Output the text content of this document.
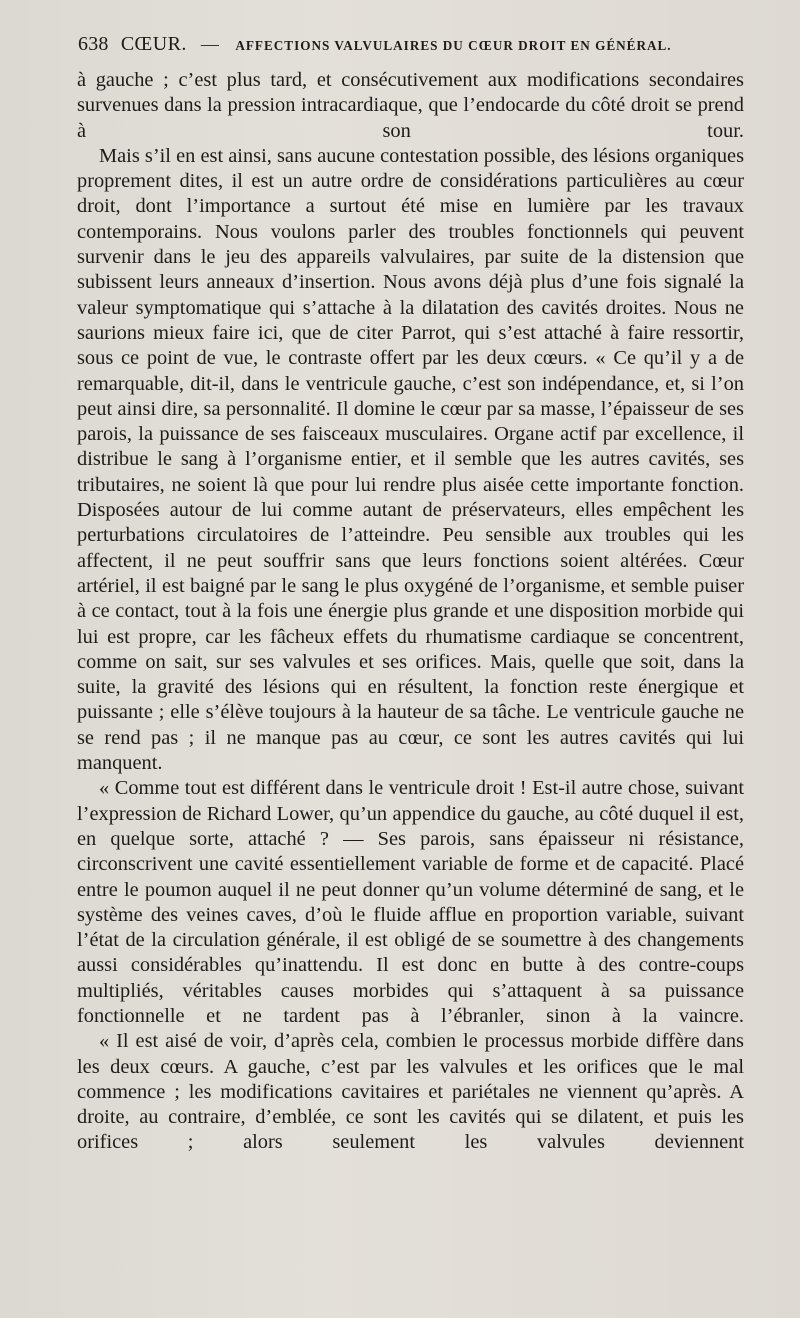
638 CŒUR. — AFFECTIONS VALVULAIRES DU CŒUR DROIT EN GÉNÉRAL.

à gauche ; c’est plus tard, et consécutivement aux modifications secondaires survenues dans la pression intracardiaque, que l’endocarde du côté droit se prend à son tour.

Mais s’il en est ainsi, sans aucune contestation possible, des lésions organiques proprement dites, il est un autre ordre de considérations particulières au cœur droit, dont l’importance a surtout été mise en lumière par les travaux contemporains. Nous voulons parler des troubles fonctionnels qui peuvent survenir dans le jeu des appareils valvulaires, par suite de la distension que subissent leurs anneaux d’insertion. Nous avons déjà plus d’une fois signalé la valeur symptomatique qui s’attache à la dilatation des cavités droites. Nous ne saurions mieux faire ici, que de citer Parrot, qui s’est attaché à faire ressortir, sous ce point de vue, le contraste offert par les deux cœurs. « Ce qu’il y a de remarquable, dit-il, dans le ventricule gauche, c’est son indépendance, et, si l’on peut ainsi dire, sa personnalité. Il domine le cœur par sa masse, l’épaisseur de ses parois, la puissance de ses faisceaux musculaires. Organe actif par excellence, il distribue le sang à l’organisme entier, et il semble que les autres cavités, ses tributaires, ne soient là que pour lui rendre plus aisée cette importante fonction. Disposées autour de lui comme autant de préservateurs, elles empêchent les perturbations circulatoires de l’atteindre. Peu sensible aux troubles qui les affectent, il ne peut souffrir sans que leurs fonctions soient altérées. Cœur artériel, il est baigné par le sang le plus oxygéné de l’organisme, et semble puiser à ce contact, tout à la fois une énergie plus grande et une disposition morbide qui lui est propre, car les fâcheux effets du rhumatisme cardiaque se concentrent, comme on sait, sur ses valvules et ses orifices. Mais, quelle que soit, dans la suite, la gravité des lésions qui en résultent, la fonction reste énergique et puissante ; elle s’élève toujours à la hauteur de sa tâche. Le ventricule gauche ne se rend pas ; il ne manque pas au cœur, ce sont les autres cavités qui lui manquent.

« Comme tout est différent dans le ventricule droit ! Est-il autre chose, suivant l’expression de Richard Lower, qu’un appendice du gauche, au côté duquel il est, en quelque sorte, attaché ? — Ses parois, sans épaisseur ni résistance, circonscrivent une cavité essentiellement variable de forme et de capacité. Placé entre le poumon auquel il ne peut donner qu’un volume déterminé de sang, et le système des veines caves, d’où le fluide afflue en proportion variable, suivant l’état de la circulation générale, il est obligé de se soumettre à des changements aussi considérables qu’inattendu. Il est donc en butte à des contre-coups multipliés, véritables causes morbides qui s’attaquent à sa puissance fonctionnelle et ne tardent pas à l’ébranler, sinon à la vaincre.

« Il est aisé de voir, d’après cela, combien le processus morbide diffère dans les deux cœurs. A gauche, c’est par les valvules et les orifices que le mal commence ; les modifications cavitaires et pariétales ne viennent qu’après. A droite, au contraire, d’emblée, ce sont les cavités qui se dilatent, et puis les orifices ; alors seulement les valvules deviennent
